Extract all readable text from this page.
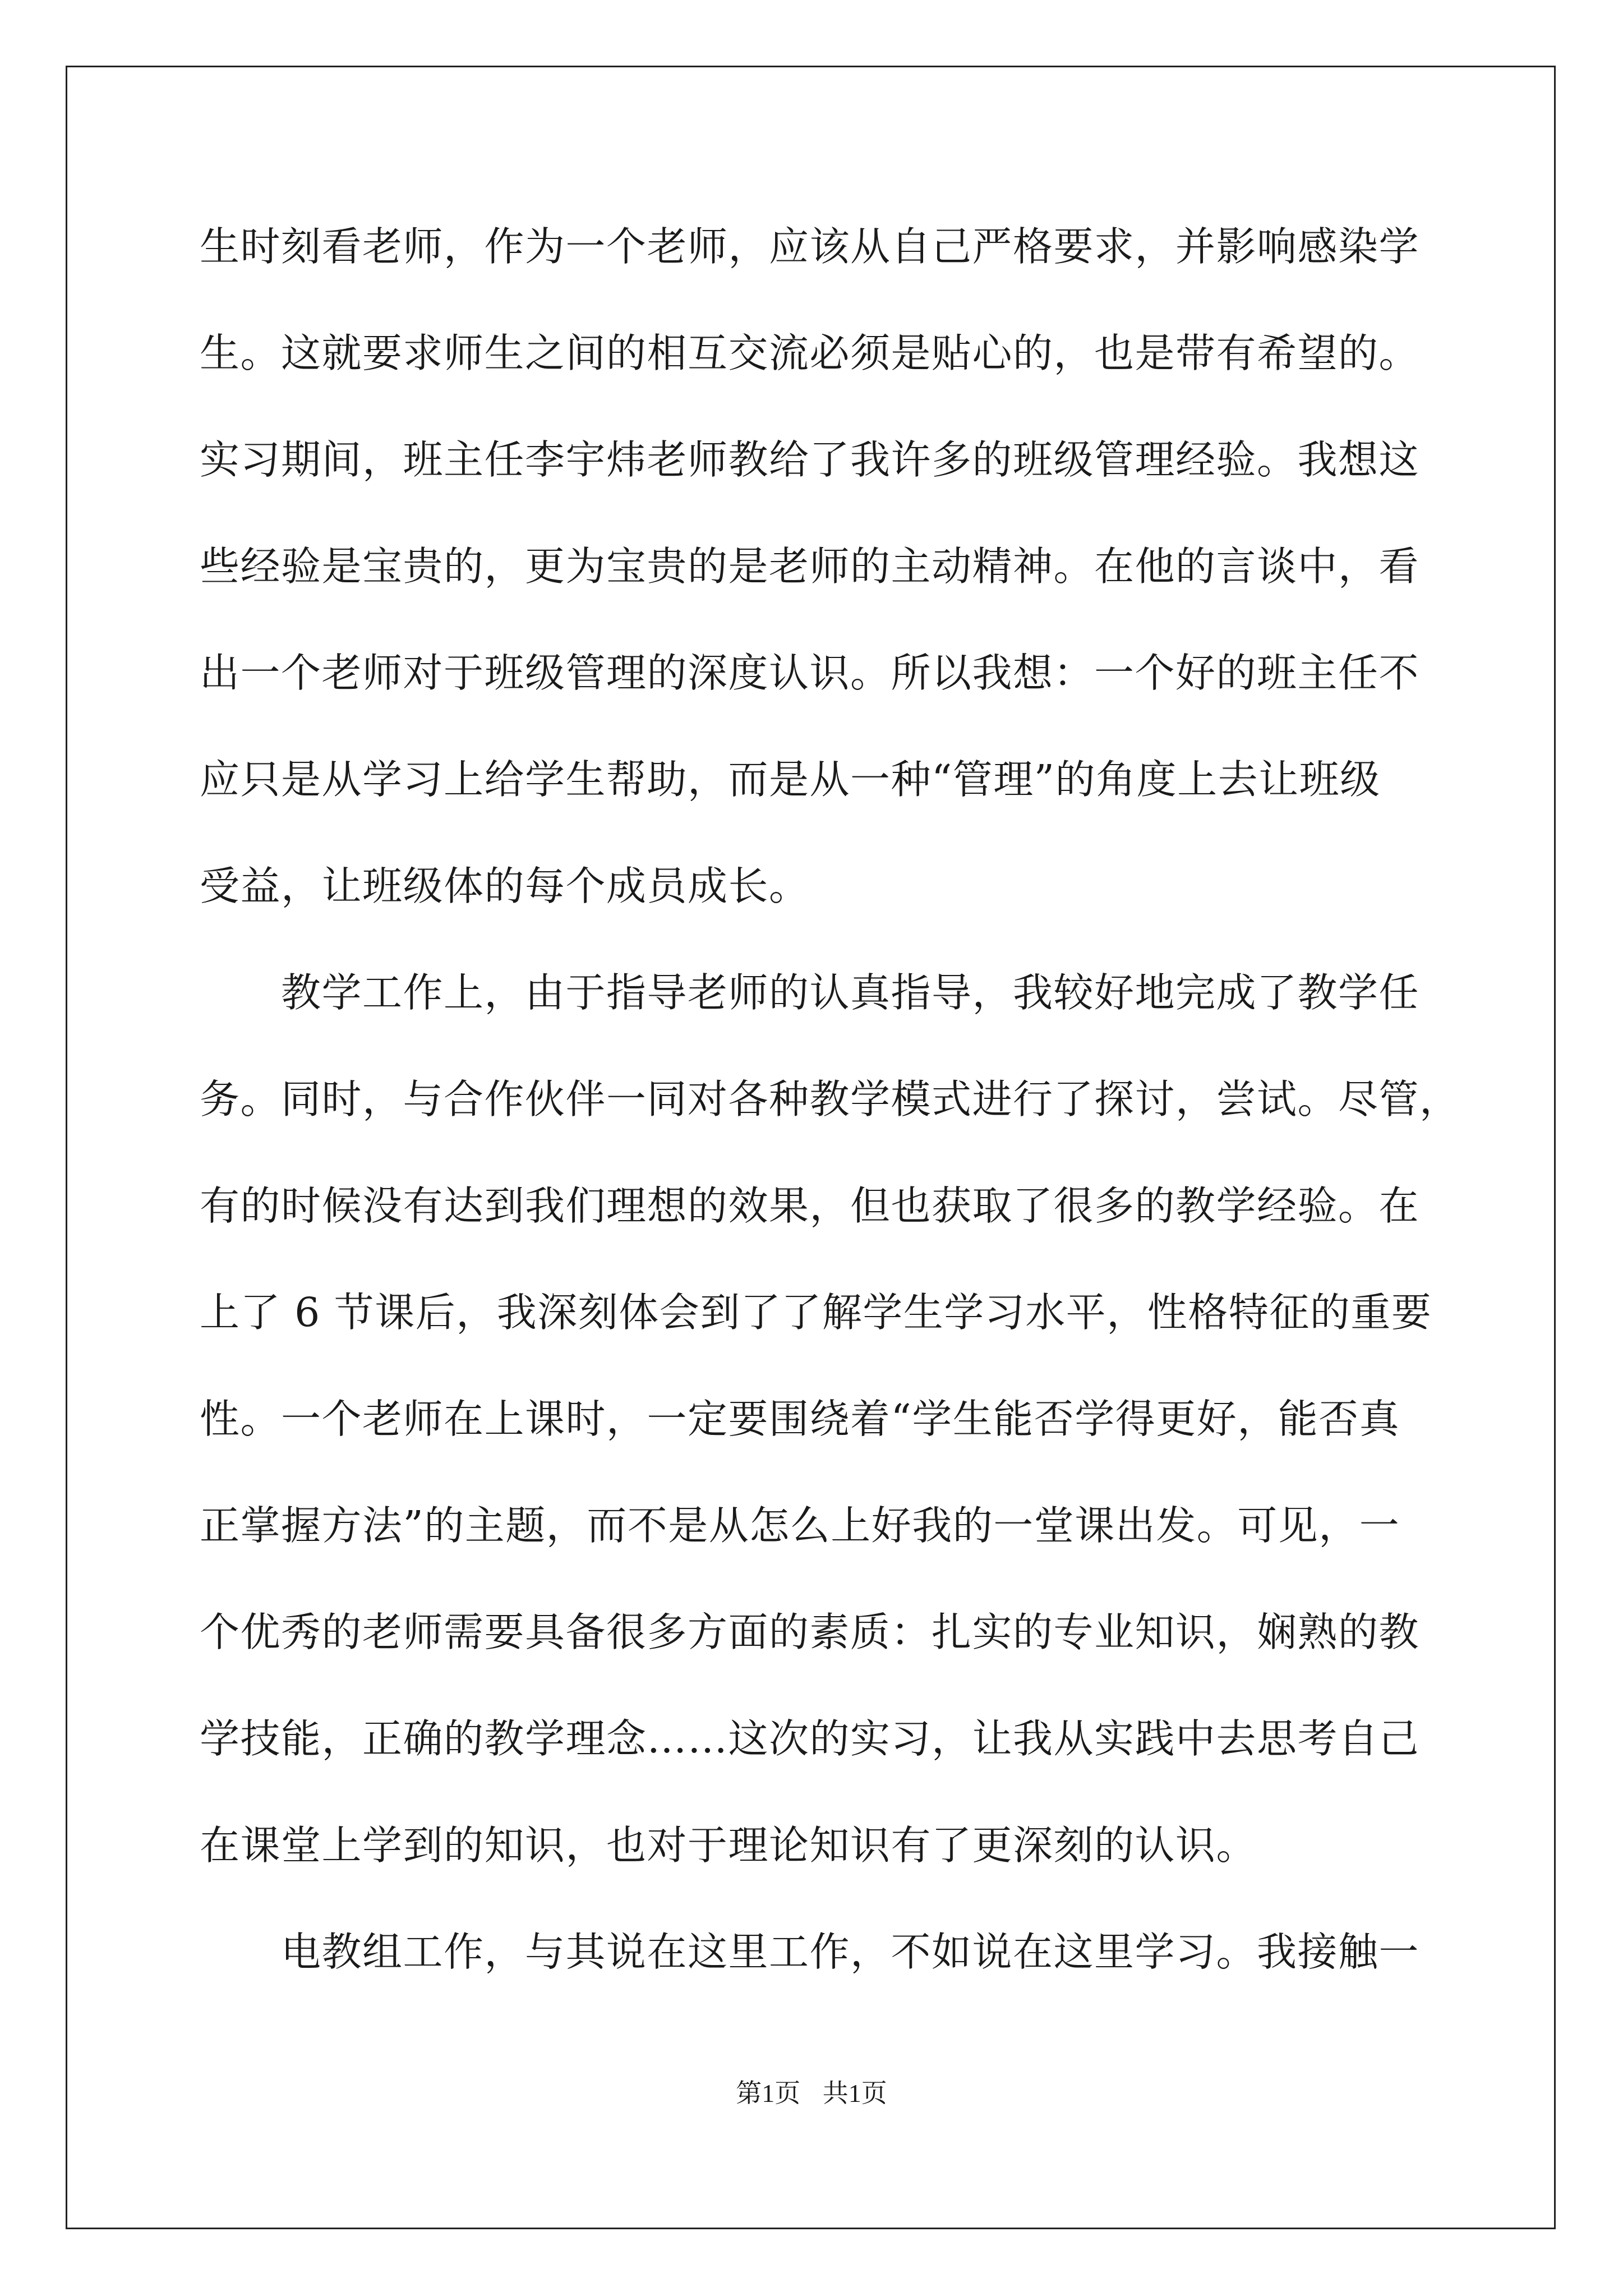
生时刻看老师，作为一个老师，应该从自己严格要求，并影响感染学
生。这就要求师生之间的相互交流必须是贴心的，也是带有希望的。
实习期间，班主任李宇炜老师教给了我许多的班级管理经验。我想这
些经验是宝贵的，更为宝贵的是老师的主动精神。在他的言谈中，看
出一个老师对于班级管理的深度认识。所以我想：一个好的班主任不
应只是从学习上给学生帮助，而是从一种“管理”的角度上去让班级
受益，让班级体的每个成员成长。
　　教学工作上，由于指导老师的认真指导，我较好地完成了教学任
务。同时，与合作伙伴一同对各种教学模式进行了探讨，尝试。尽管，
有的时候没有达到我们理想的效果，但也获取了很多的教学经验。在
上了 6 节课后，我深刻体会到了了解学生学习水平，性格特征的重要
性。一个老师在上课时，一定要围绕着“学生能否学得更好，能否真
正掌握方法”的主题，而不是从怎么上好我的一堂课出发。可见，一
个优秀的老师需要具备很多方面的素质：扎实的专业知识，娴熟的教
学技能，正确的教学理念……这次的实习，让我从实践中去思考自己
在课堂上学到的知识，也对于理论知识有了更深刻的认识。
　　电教组工作，与其说在这里工作，不如说在这里学习。我接触一
第1页 共1页
